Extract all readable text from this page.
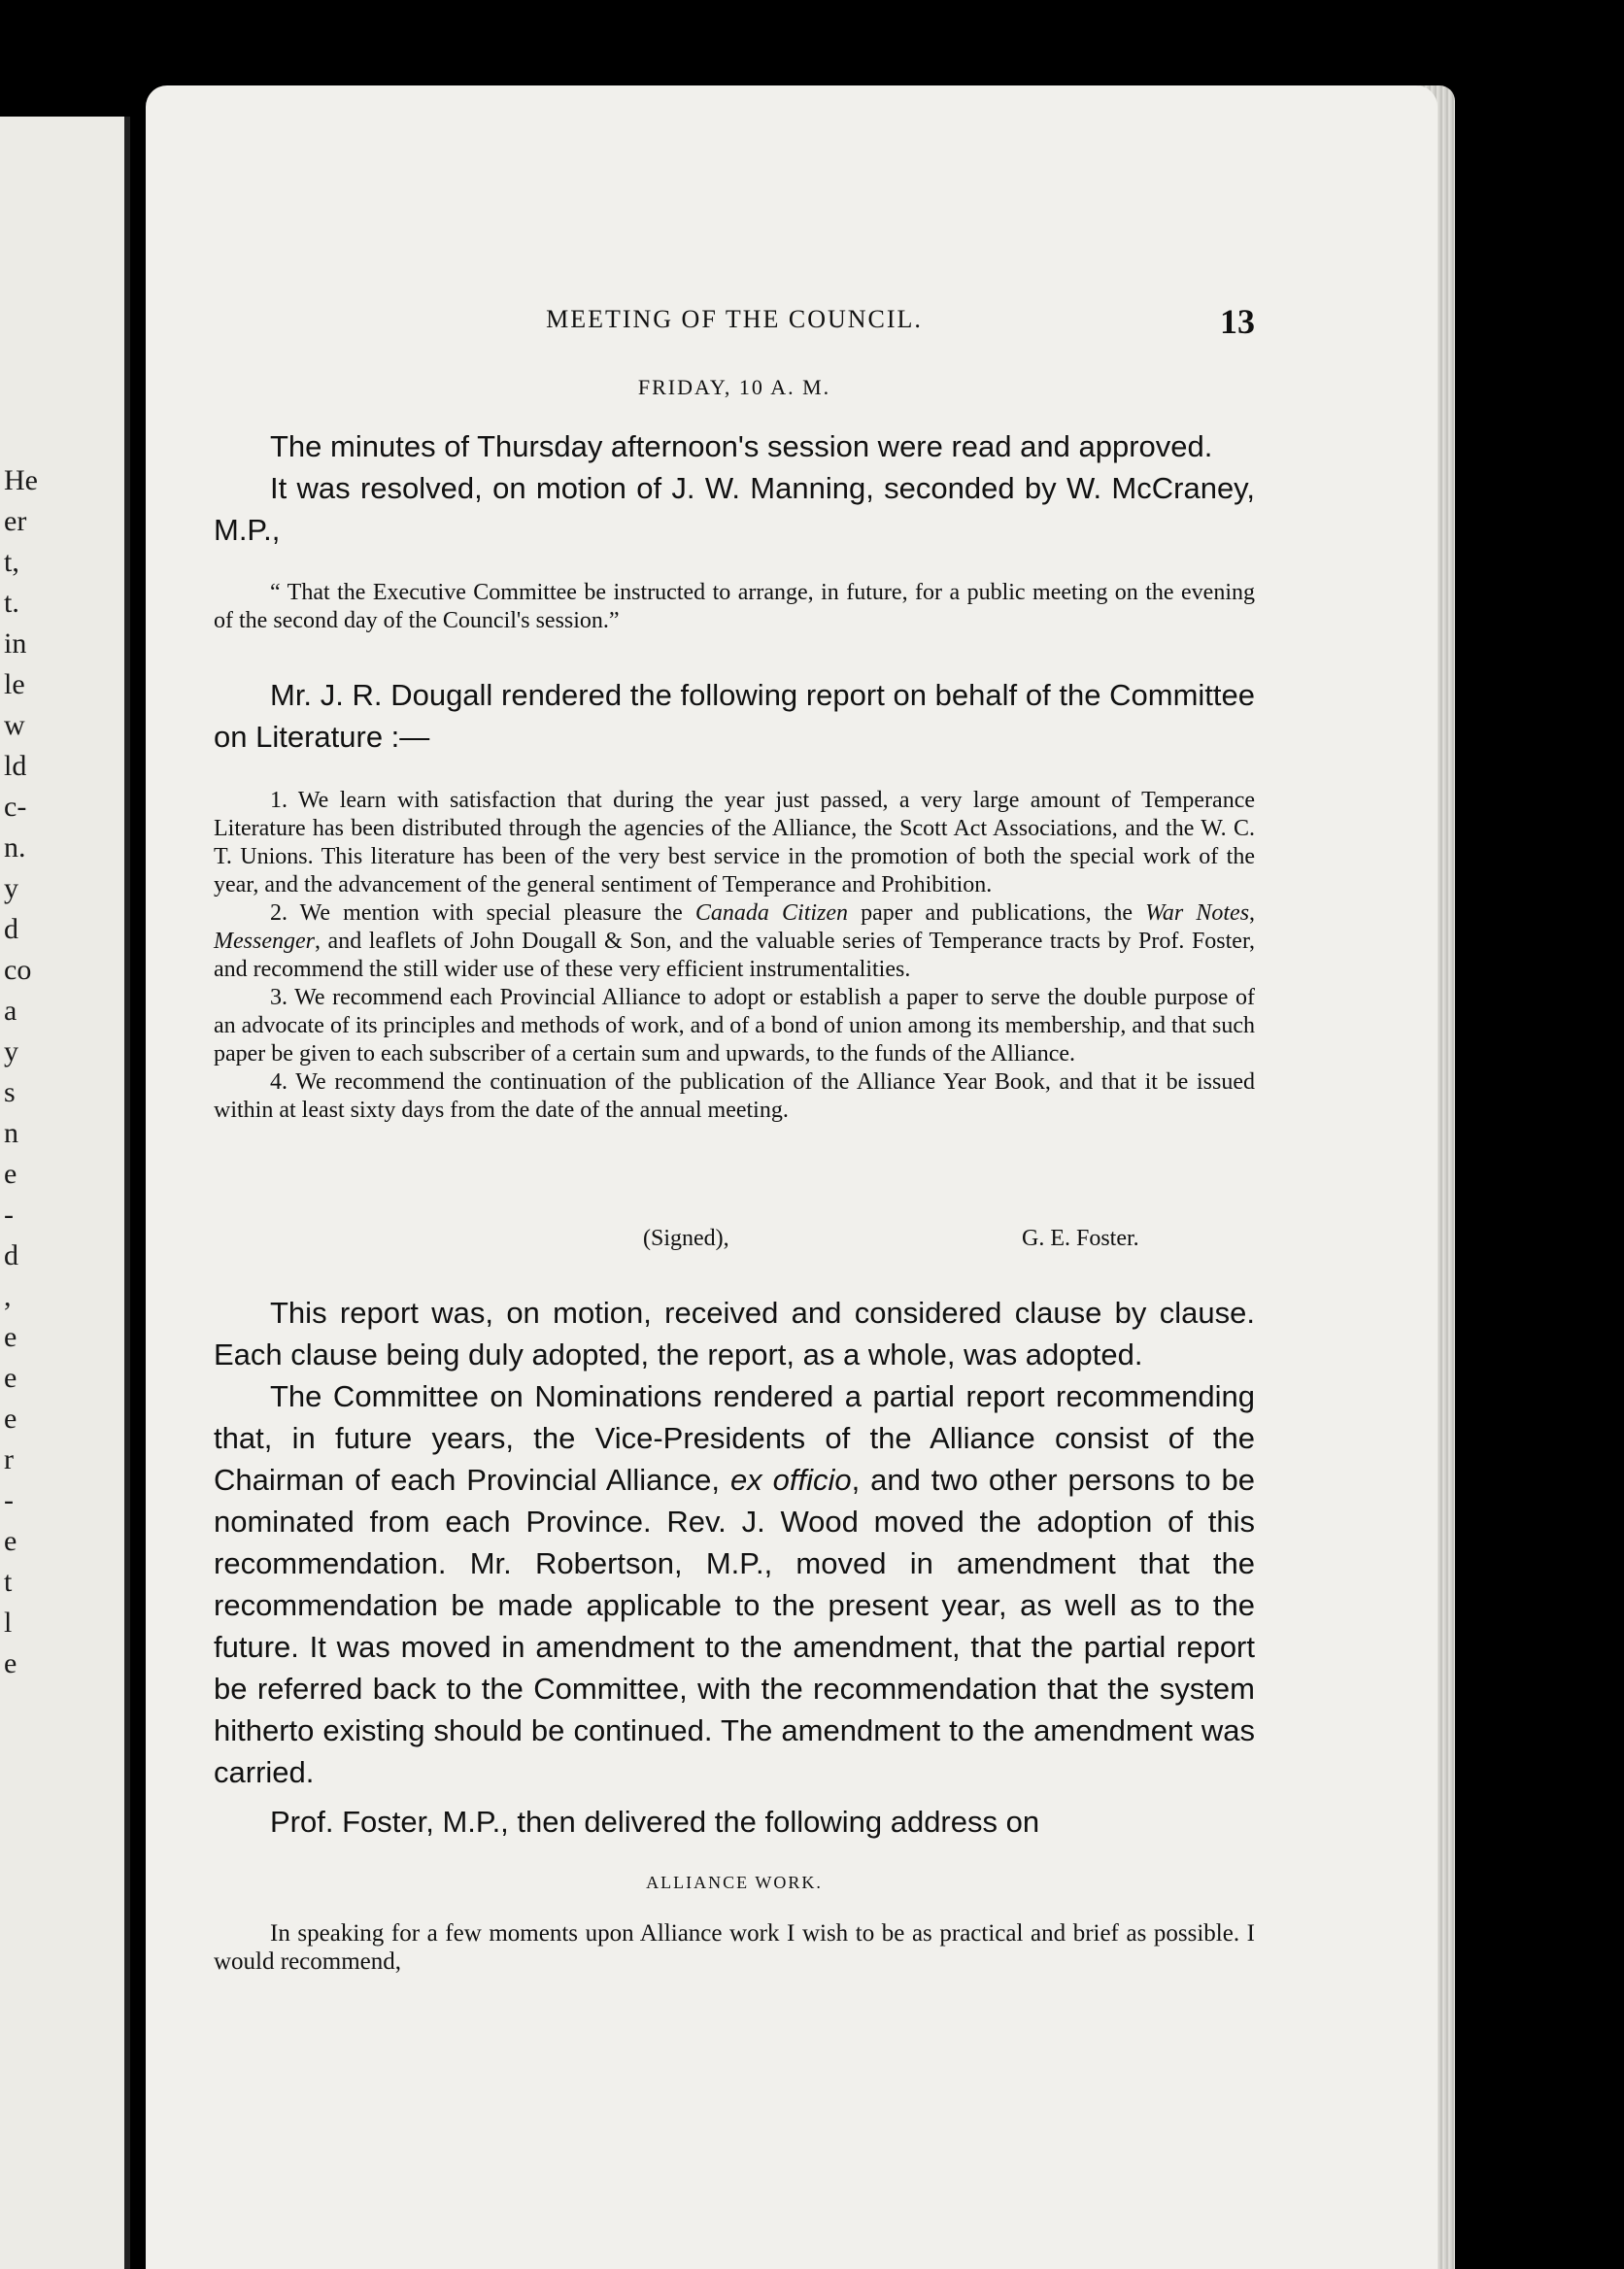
He
er
t,
t.
in
le
w
ld
c-
n.
y
d
co
a
y
s
n
e
-
d
,
e
e
e
r
-
e
t
l
e
MEETING OF THE COUNCIL.	13
FRIDAY, 10 A. M.

The minutes of Thursday afternoon's session were read and approved.

It was resolved, on motion of J. W. Manning, seconded by W. McCraney, M.P.,

“ That the Executive Committee be instructed to arrange, in future, for a public meeting on the evening of the second day of the Council's session.”

Mr. J. R. Dougall rendered the following report on behalf of the Committee on Literature :—

1. We learn with satisfaction that during the year just passed, a very large amount of Temperance Literature has been distributed through the agencies of the Alliance, the Scott Act Associations, and the W. C. T. Unions. This literature has been of the very best service in the promotion of both the special work of the year, and the advancement of the general sentiment of Temperance and Prohibition.

2. We mention with special pleasure the Canada Citizen paper and publications, the War Notes, Messenger, and leaflets of John Dougall & Son, and the valuable series of Temperance tracts by Prof. Foster, and recommend the still wider use of these very efficient instrumentalities.

3. We recommend each Provincial Alliance to adopt or establish a paper to serve the double purpose of an advocate of its principles and methods of work, and of a bond of union among its membership, and that such paper be given to each subscriber of a certain sum and upwards, to the funds of the Alliance.

4. We recommend the continuation of the publication of the Alliance Year Book, and that it be issued within at least sixty days from the date of the annual meeting.

(Signed),	G. E. Foster.

This report was, on motion, received and considered clause by clause. Each clause being duly adopted, the report, as a whole, was adopted.

The Committee on Nominations rendered a partial report recommending that, in future years, the Vice-Presidents of the Alliance consist of the Chairman of each Provincial Alliance, ex officio, and two other persons to be nominated from each Province. Rev. J. Wood moved the adoption of this recommendation. Mr. Robertson, M.P., moved in amendment that the recommendation be made applicable to the present year, as well as to the future. It was moved in amendment to the amendment, that the partial report be referred back to the Committee, with the recommendation that the system hitherto existing should be continued. The amendment to the amendment was carried.

Prof. Foster, M.P., then delivered the following address on

ALLIANCE WORK.

In speaking for a few moments upon Alliance work I wish to be as practical and brief as possible. I would recommend,
